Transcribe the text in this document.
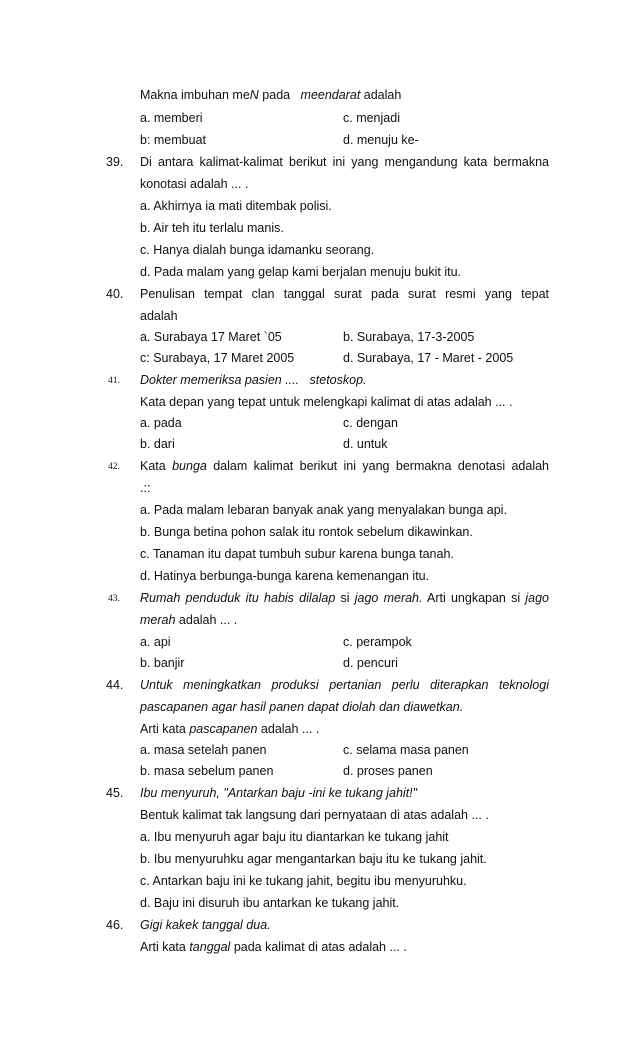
Makna imbuhan meN pada   meendarat adalah
a. memberi	c. menjadi
b: membuat	d. menuju ke-
39. Di antara kalimat-kalimat berikut ini yang mengandung kata bermakna
konotasi adalah ... .
a. Akhirnya ia mati ditembak polisi.
b. Air teh itu terlalu manis.
c. Hanya dialah bunga idamanku seorang.
d. Pada malam yang gelap kami berjalan menuju bukit itu.
40. Penulisan tempat clan tanggal surat pada surat resmi yang tepat
adalah
a. Surabaya 17 Maret `05	b. Surabaya, 17-3-2005
c: Surabaya, 17 Maret 2005	d. Surabaya, 17 - Maret - 2005
41. Dokter memeriksa pasien .... stetoskop.
Kata depan yang tepat untuk melengkapi kalimat di atas adalah ... .
a. pada	c. dengan
b. dari	d. untuk
42. Kata bunga dalam kalimat berikut ini yang bermakna denotasi adalah
.::
a. Pada malam lebaran banyak anak yang menyalakan bunga api.
b. Bunga betina pohon salak itu rontok sebelum dikawinkan.
c. Tanaman itu dapat tumbuh subur karena bunga tanah.
d. Hatinya berbunga-bunga karena kemenangan itu.
43. Rumah penduduk itu habis dilalap si jago merah. Arti ungkapan si jago
merah adalah ... .
a. api	c. perampok
b. banjir	d. pencuri
44. Untuk meningkatkan produksi pertanian perlu diterapkan teknologi
pascapanen agar hasil panen dapat diolah dan diawetkan.
Arti kata pascapanen adalah ... .
a. masa setelah panen	c. selama masa panen
b. masa sebelum panen	d. proses panen
45. Ibu menyuruh, "Antarkan baju -ini ke tukang jahit!"
Bentuk kalimat tak langsung dari pernyataan di atas adalah ... .
a. Ibu menyuruh agar baju itu diantarkan ke tukang jahit
b. Ibu menyuruhku agar mengantarkan baju itu ke tukang jahit.
c. Antarkan baju ini ke tukang jahit, begitu ibu menyuruhku.
d. Baju ini disuruh ibu antarkan ke tukang jahit.
46. Gigi kakek tanggal dua.
Arti kata tanggal pada kalimat di atas adalah ... .
